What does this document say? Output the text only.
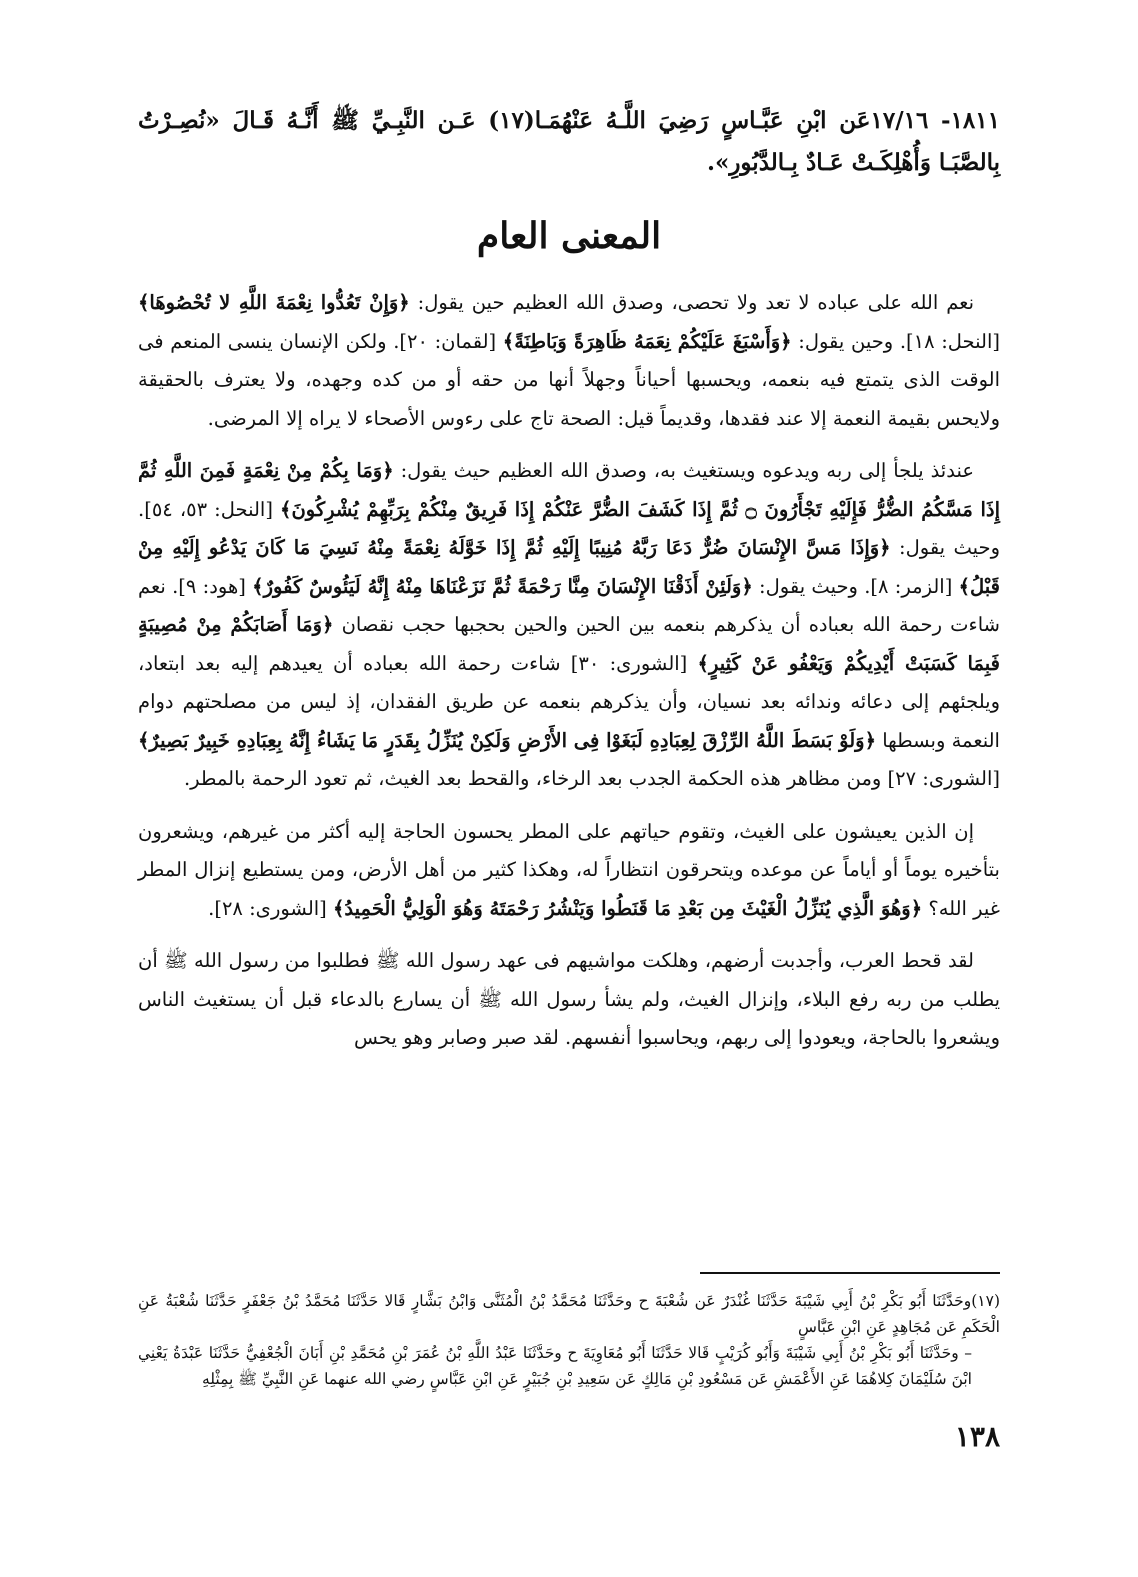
١٨١١- ١٧/١٦عَن ابْنِ عَبَّـاسٍ رَضِيَ اللَّـهُ عَنْهُمَـا(١٧) عَـن النَّبِـيِّ ﷺ أَنَّـهُ قَـالَ «نُصِـرْتُ بِالصَّبَـا وَأُهْلِكَـتْ عَـادٌ بِـالدَّبُورِ».

المعنى العام

نعم الله على عباده لا تعد ولا تحصى، وصدق الله العظيم حين يقول: ﴿وَإِنْ تَعُدُّوا نِعْمَةَ اللَّهِ لا تُحْصُوهَا﴾ [النحل: ١٨]. وحين يقول: ﴿وَأَسْبَغَ عَلَيْكُمْ نِعَمَهُ ظَاهِرَةً وَبَاطِنَةً﴾ [لقمان: ٢٠]. ولكن الإنسان ينسى المنعم فى الوقت الذى يتمتع فيه بنعمه، ويحسبها أحياناً وجهلاً أنها من حقه أو من كده وجهده، ولا يعترف بالحقيقة ولايحس بقيمة النعمة إلا عند فقدها، وقديماً قيل: الصحة تاج على رءوس الأصحاء لا يراه إلا المرضى.

عندئذ يلجأ إلى ربه ويدعوه ويستغيث به، وصدق الله العظيم حيث يقول: ﴿وَمَا بِكُمْ مِنْ نِعْمَةٍ فَمِنَ اللَّهِ ثُمَّ إِذَا مَسَّكُمُ الضُّرُّ فَإِلَيْهِ تَجْأَرُونَ ۝ ثُمَّ إِذَا كَشَفَ الضُّرَّ عَنْكُمْ إِذَا فَرِيقٌ مِنْكُمْ بِرَبِّهِمْ يُشْرِكُونَ﴾ [النحل: ٥٣، ٥٤]. وحيث يقول: ﴿وَإِذَا مَسَّ الإِنْسَانَ ضُرٌّ دَعَا رَبَّهُ مُنِيبًا إِلَيْهِ ثُمَّ إِذَا خَوَّلَهُ نِعْمَةً مِنْهُ نَسِيَ مَا كَانَ يَدْعُو إِلَيْهِ مِنْ قَبْلُ﴾ [الزمر: ٨]. وحيث يقول: ﴿وَلَئِنْ أَذَقْنَا الإِنْسَانَ مِنَّا رَحْمَةً ثُمَّ نَزَعْنَاهَا مِنْهُ إِنَّهُ لَيَئُوسٌ كَفُورٌ﴾ [هود: ٩]. نعم شاءت رحمة الله بعباده أن يذكرهم بنعمه بين الحين والحين بحجبها حجب نقصان ﴿وَمَا أَصَابَكُمْ مِنْ مُصِيبَةٍ فَبِمَا كَسَبَتْ أَيْدِيكُمْ وَيَعْفُو عَنْ كَثِيرٍ﴾ [الشورى: ٣٠] شاءت رحمة الله بعباده أن يعيدهم إليه بعد ابتعاد، ويلجئهم إلى دعائه وندائه بعد نسيان، وأن يذكرهم بنعمه عن طريق الفقدان، إذ ليس من مصلحتهم دوام النعمة وبسطها ﴿وَلَوْ بَسَطَ اللَّهُ الرِّزْقَ لِعِبَادِهِ لَبَغَوْا فِى الأَرْضِ وَلَكِنْ يُنَزِّلُ بِقَدَرٍ مَا يَشَاءُ إِنَّهُ بِعِبَادِهِ خَبِيرٌ بَصِيرٌ﴾ [الشورى: ٢٧] ومن مظاهر هذه الحكمة الجدب بعد الرخاء، والقحط بعد الغيث، ثم تعود الرحمة بالمطر.

إن الذين يعيشون على الغيث، وتقوم حياتهم على المطر يحسون الحاجة إليه أكثر من غيرهم، ويشعرون بتأخيره يوماً أو أياماً عن موعده ويتحرقون انتظاراً له، وهكذا كثير من أهل الأرض، ومن يستطيع إنزال المطر غير الله؟ ﴿وَهُوَ الَّذِي يُنَزِّلُ الْغَيْثَ مِن بَعْدِ مَا قَنَطُوا وَيَنْشُرُ رَحْمَتَهُ وَهُوَ الْوَلِيُّ الْحَمِيدُ﴾ [الشورى: ٢٨].

لقد قحط العرب، وأجدبت أرضهم، وهلكت مواشيهم فى عهد رسول الله ﷺ فطلبوا من رسول الله ﷺ أن يطلب من ربه رفع البلاء، وإنزال الغيث، ولم يشأ رسول الله ﷺ أن يسارع بالدعاء قبل أن يستغيث الناس ويشعروا بالحاجة، ويعودوا إلى ربهم، ويحاسبوا أنفسهم. لقد صبر وصابر وهو يحس

(١٧)وحَدَّثَنَا أَبُو بَكْرِ بْنُ أَبِي شَيْبَةَ حَدَّثَنَا غُنْدَرٌ عَن شُعْبَةَ ح وحَدَّثَنَا مُحَمَّدُ بْنُ الْمُثَنَّى وَابْنُ بَشَّارٍ قَالا حَدَّثَنَا مُحَمَّدُ بْنُ جَعْفَرٍ حَدَّثَنَا شُعْبَةُ عَنِ الْحَكَمِ عَن مُجَاهِدٍ عَنِ ابْنِ عَبَّاسٍ

– وحَدَّثَنَا أَبُو بَكْرِ بْنُ أَبِي شَيْبَةَ وَأَبُو كُرَيْبٍ قَالا حَدَّثَنَا أَبُو مُعَاوِيَةَ ح وحَدَّثَنَا عَبْدُ اللَّهِ بْنُ عُمَرَ بْنِ مُحَمَّدِ بْنِ أَبَانَ الْجُعْفِيُّ حَدَّثَنَا عَبْدَةُ يَعْنِي ابْنَ سُلَيْمَانَ كِلاهُمَا عَنِ الأَعْمَشِ عَن مَسْعُودِ بْنِ مَالِكٍ عَن سَعِيدِ بْنِ جُبَيْرٍ عَنِ ابْنِ عَبَّاسٍ رضي الله عنهما عَنِ النَّبِيِّ ﷺ بِمِثْلِهِ

١٣٨
